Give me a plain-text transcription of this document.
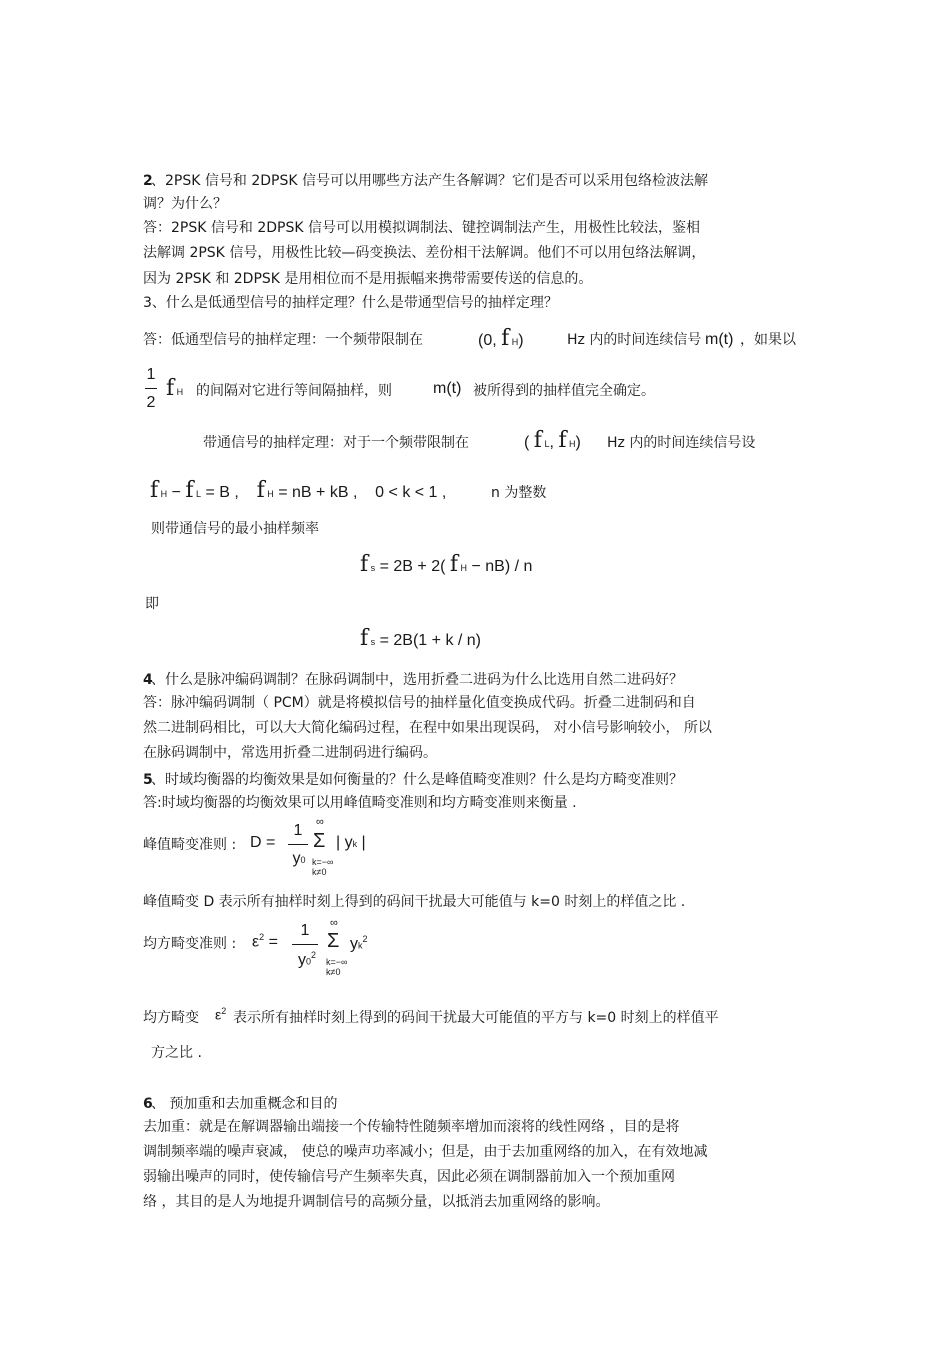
2
、2PSK 信号和 2DPSK 信号可以用哪些方法产生各解调？它们是否可以采用包络检波法解
调？为什么？
答：2PSK 信号和 2DPSK 信号可以用模拟调制法、键控调制法产生，用极性比较法，鉴相
法解调 2PSK 信号，用极性比较—码变换法、差份相干法解调。他们不可以用包络法解调，
因为 2PSK 和 2DPSK 是用相位而不是用振幅来携带需要传送的信息的。
3、什么是低通型信号的抽样定理？什么是带通型信号的抽样定理？
答：低通型信号的抽样定理：一个频带限制在	(0, f H)	Hz 内的时间连续信号 m(t) ，如果以
1
2
f H 的间隔对它进行等间隔抽样，则	m(t) 被所得到的抽样值完全确定。
带通信号的抽样定理：对于一个频带限制在	( f L, f H) Hz 内的时间连续信号设
f H − f L = B ,    f H = nB + kB ,    0 < k < 1 ,	n 为整数
则带通信号的最小抽样频率
f s = 2B + 2( f H − nB) / n
即
f s = 2B(1 + k / n)
4
、什么是脉冲编码调制？在脉码调制中，选用折叠二进码为什么比选用自然二进码好？
答：脉冲编码调制（ PCM）就是将模拟信号的抽样量化值变换成代码。折叠二进制码和自
然二进制码相比，可以大大简化编码过程，在程中如果出现误码， 对小信号影响较小， 所以
在脉码调制中，常选用折叠二进制码进行编码。
5
、时域均衡器的均衡效果是如何衡量的？什么是峰值畸变准则？什么是均方畸变准则？
答:时域均衡器的均衡效果可以用峰值畸变准则和均方畸变准则来衡量 .
峰值畸变准则 : D =
1
y0
∞
Σ
k=−∞
k≠0
| yk |
峰值畸变 D 表示所有抽样时刻上得到的码间干扰最大可能值与 k=0 时刻上的样值之比 .
均方畸变准则 : $\varepsilon^2$ =
1
$y0^2$
∞
Σ
k=−∞
k≠0
$yk^2$
均方畸变 $\varepsilon^2$ 表示所有抽样时刻上得到的码间干扰最大可能值的平方与 k=0 时刻上的样值平
方之比 .
6
、 预加重和去加重概念和目的
去加重：就是在解调器输出端接一个传输特性随频率增加而滚将的线性网络 ，目的是将
调制频率端的噪声衰减， 使总的噪声功率减小；但是，由于去加重网络的加入，在有效地减
弱输出噪声的同时，使传输信号产生频率失真，因此必须在调制器前加入一个预加重网
络 ，其目的是人为地提升调制信号的高频分量，以抵消去加重网络的影响。
